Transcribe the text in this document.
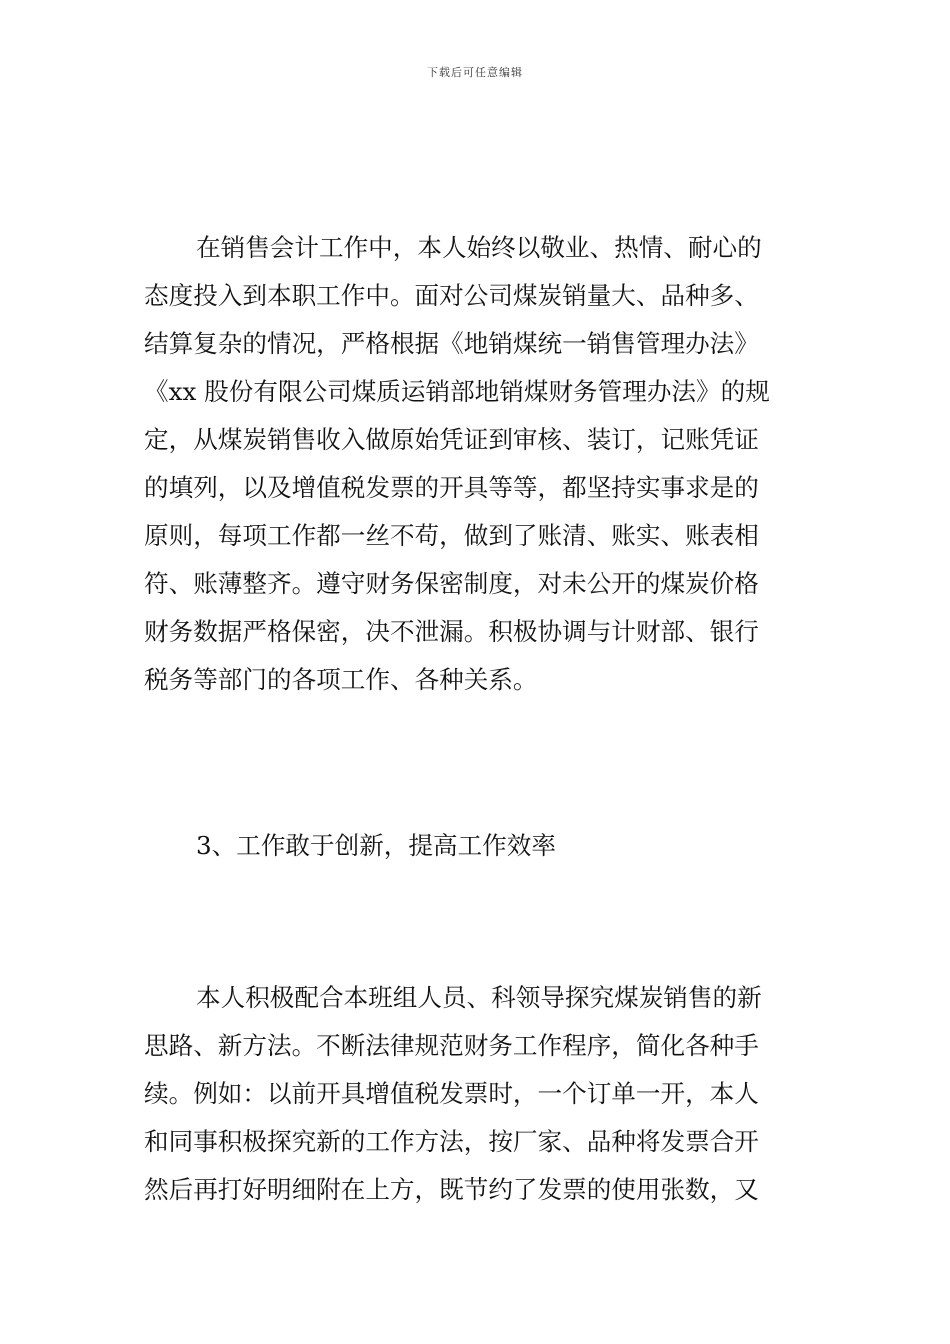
下载后可任意编辑
在销售会计工作中，本人始终以敬业、热情、耐心的
态度投入到本职工作中。面对公司煤炭销量大、品种多、
结算复杂的情况，严格根据《地销煤统一销售管理办法》
《xx 股份有限公司煤质运销部地销煤财务管理办法》的规
定，从煤炭销售收入做原始凭证到审核、装订，记账凭证
的填列，以及增值税发票的开具等等，都坚持实事求是的
原则，每项工作都一丝不苟，做到了账清、账实、账表相
符、账薄整齐。遵守财务保密制度，对未公开的煤炭价格
财务数据严格保密，决不泄漏。积极协调与计财部、银行
税务等部门的各项工作、各种关系。
3、工作敢于创新，提高工作效率
本人积极配合本班组人员、科领导探究煤炭销售的新
思路、新方法。不断法律规范财务工作程序，简化各种手
续。例如：以前开具增值税发票时，一个订单一开，本人
和同事积极探究新的工作方法，按厂家、品种将发票合开
然后再打好明细附在上方，既节约了发票的使用张数，又
